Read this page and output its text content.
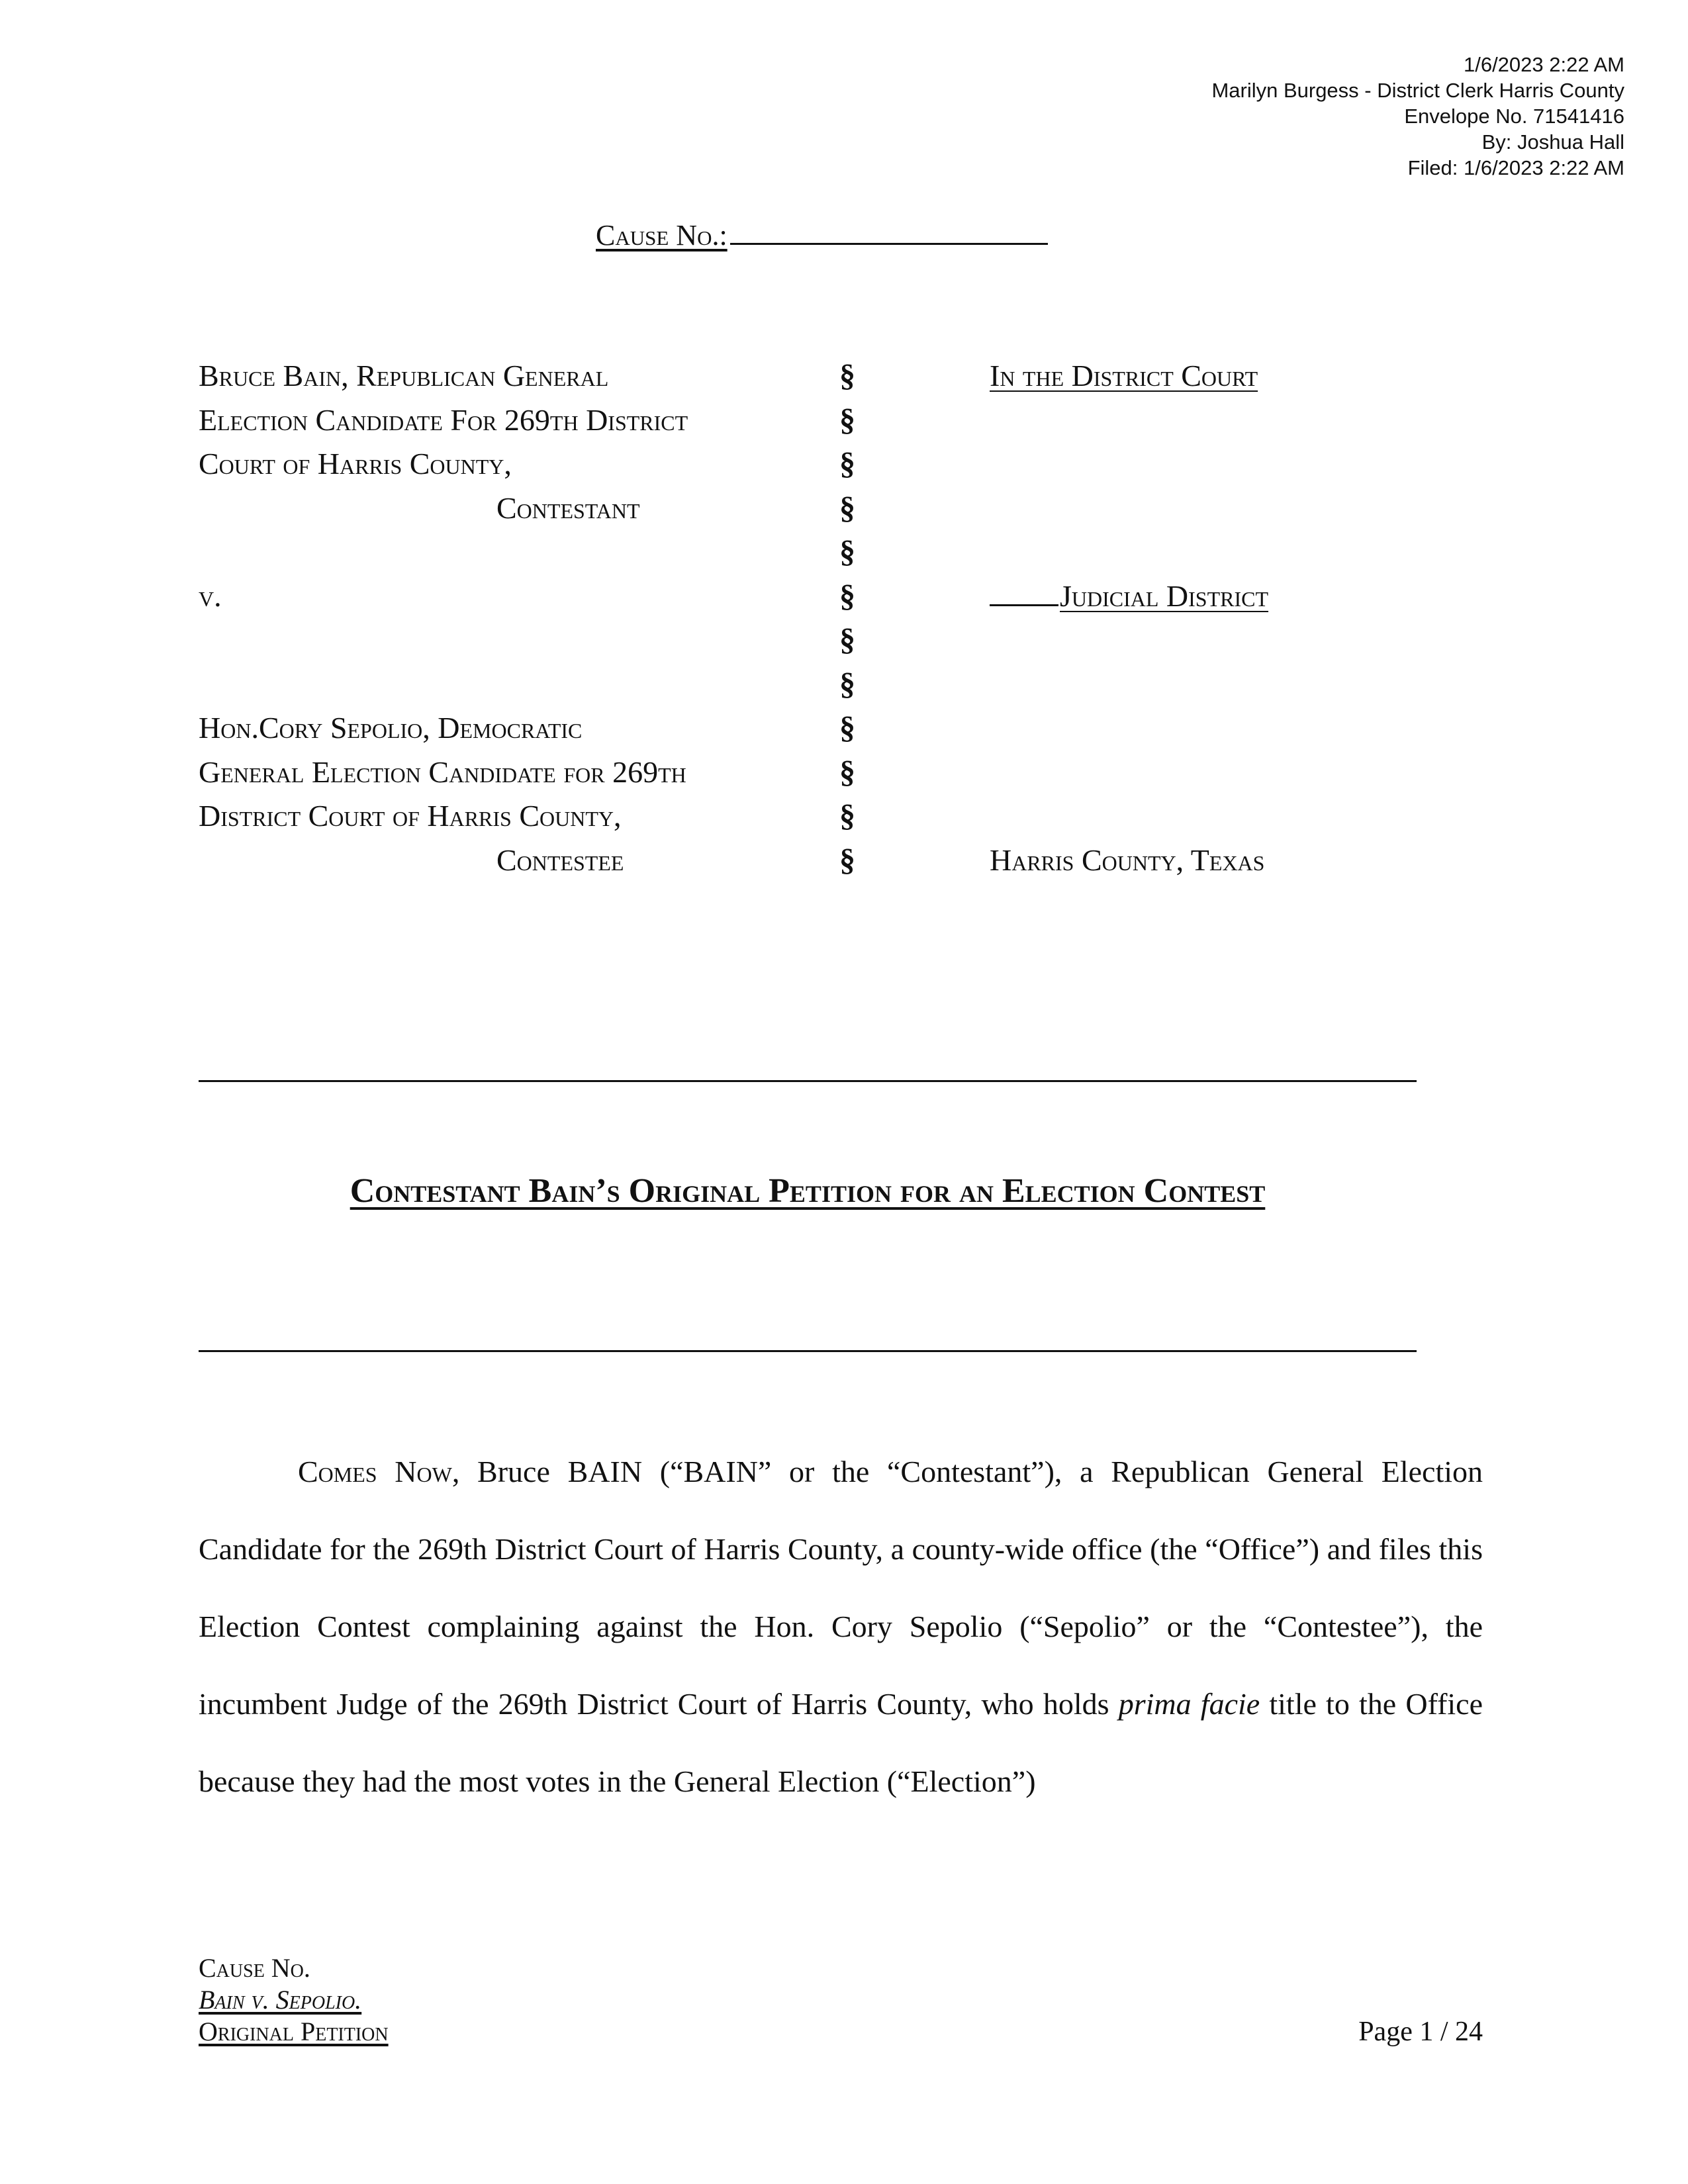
1/6/2023 2:22 AM
Marilyn Burgess - District Clerk Harris County
Envelope No. 71541416
By: Joshua Hall
Filed: 1/6/2023 2:22 AM
Cause No.:
Bruce Bain, Republican General
Election Candidate For 269th District
Court of Harris County,
Contestant
v.
Hon.Cory Sepolio, Democratic
General Election Candidate for 269th
District Court of Harris County,
Contestee
§
§
§
§
§
§
§
§
§
§
§
§
In the District Court
Judicial District
Harris County, Texas
Contestant Bain’s Original Petition for an Election Contest

Comes Now, Bruce BAIN (“BAIN” or the “Contestant”), a Republican General Election Candidate for the 269th District Court of Harris County, a county-wide office (the “Office”) and files this Election Contest complaining against the Hon. Cory Sepolio (“Sepolio” or the “Contestee”), the incumbent Judge of the 269th District Court of Harris County, who holds prima facie title to the Office because they had the most votes in the General Election (“Election”)

Cause No.
Bain v. Sepolio.
Original Petition	Page 1 / 24
